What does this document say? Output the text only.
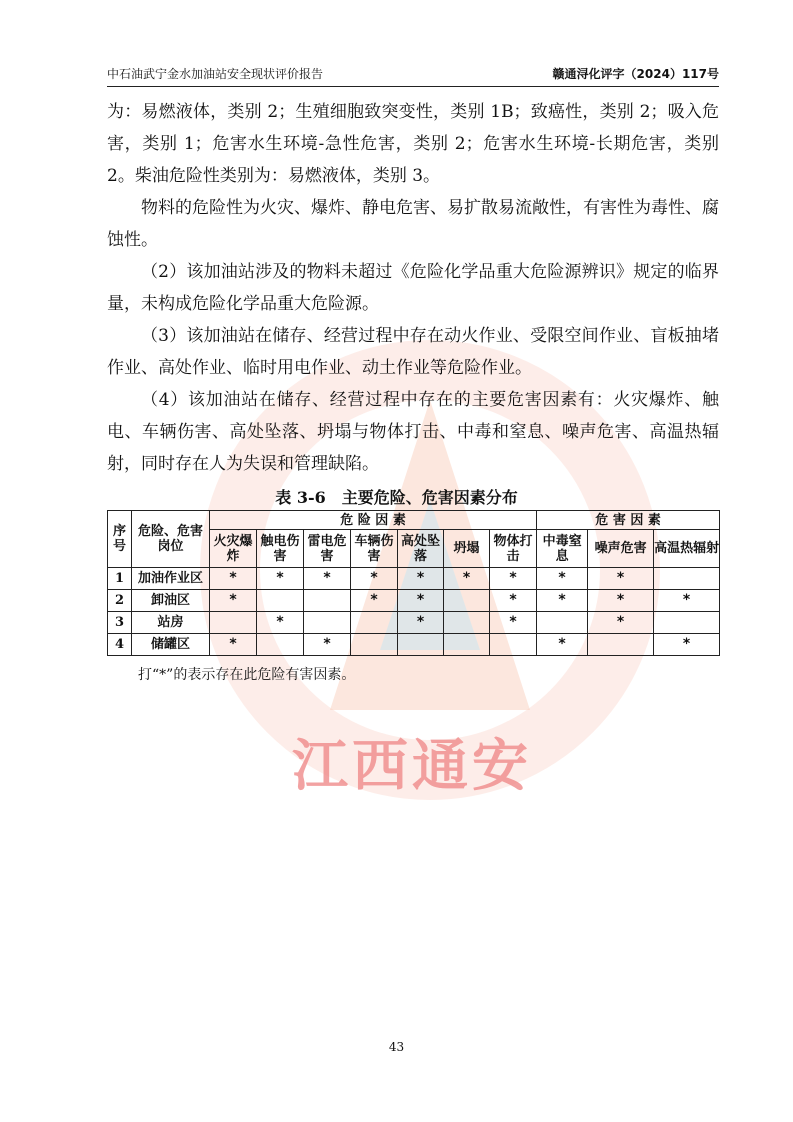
江西通安
中石油武宁金水加油站安全现状评价报告	赣通浔化评字（2024）117号

为：易燃液体，类别 2；生殖细胞致突变性，类别 1B；致癌性，类别 2；吸入危害，类别 1；危害水生环境-急性危害，类别 2；危害水生环境-长期危害，类别 2。柴油危险性类别为：易燃液体，类别 3。

物料的危险性为火灾、爆炸、静电危害、易扩散易流敞性，有害性为毒性、腐蚀性。

（2）该加油站涉及的物料未超过《危险化学品重大危险源辨识》规定的临界量，未构成危险化学品重大危险源。

（3）该加油站在储存、经营过程中存在动火作业、受限空间作业、盲板抽堵作业、高处作业、临时用电作业、动土作业等危险作业。

（4）该加油站在储存、经营过程中存在的主要危害因素有：火灾爆炸、触电、车辆伤害、高处坠落、坍塌与物体打击、中毒和窒息、噪声危害、高温热辐射，同时存在人为失误和管理缺陷。

表 3-6　主要危险、危害因素分布
序号	危险、危害岗位	危 险 因 素							危 害 因 素		
		火灾爆炸	触电伤害	雷电危害	车辆伤害	高处坠落	坍塌	物体打击	中毒窒息	噪声危害	高温热辐射
1	加油作业区	*	*	*	*	*	*	*	*	*	
2	卸油区	*			*	*		*	*	*	*
3	站房		*			*		*		*	
4	储罐区	*		*					*		*
打“*”的表示存在此危险有害因素。
43
